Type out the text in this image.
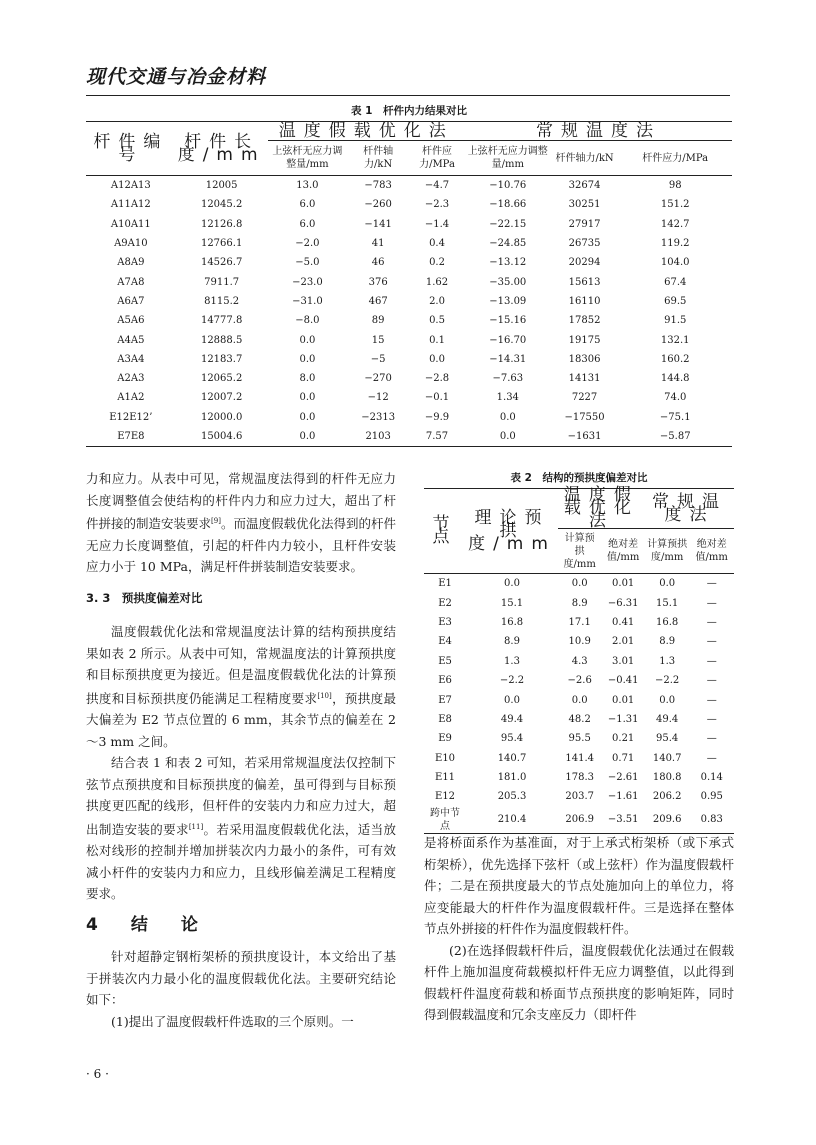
现代交通与冶金材料
表 1　杆件内力结果对比
杆件编号	杆件长度/mm	温度假载优化法			常规温度法		
		上弦杆无应力调整量/mm	杆件轴力/kN	杆件应力/MPa	上弦杆无应力调整量/mm	杆件轴力/kN	杆件应力/MPa
A12A13	12005	13.0	−783	−4.7	−10.76	32674	98
A11A12	12045.2	6.0	−260	−2.3	−18.66	30251	151.2
A10A11	12126.8	6.0	−141	−1.4	−22.15	27917	142.7
A9A10	12766.1	−2.0	41	0.4	−24.85	26735	119.2
A8A9	14526.7	−5.0	46	0.2	−13.12	20294	104.0
A7A8	7911.7	−23.0	376	1.62	−35.00	15613	67.4
A6A7	8115.2	−31.0	467	2.0	−13.09	16110	69.5
A5A6	14777.8	−8.0	89	0.5	−15.16	17852	91.5
A4A5	12888.5	0.0	15	0.1	−16.70	19175	132.1
A3A4	12183.7	0.0	−5	0.0	−14.31	18306	160.2
A2A3	12065.2	8.0	−270	−2.8	−7.63	14131	144.8
A1A2	12007.2	0.0	−12	−0.1	1.34	7227	74.0
E12E12’	12000.0	0.0	−2313	−9.9	0.0	−17550	−75.1
E7E8	15004.6	0.0	2103	7.57	0.0	−1631	−5.87

力和应力。从表中可见，常规温度法得到的杆件无应力长度调整值会使结构的杆件内力和应力过大，超出了杆件拼接的制造安装要求[9]。而温度假载优化法得到的杆件无应力长度调整值，引起的杆件内力较小，且杆件安装应力小于 10 MPa，满足杆件拼装制造安装要求。

3. 3　预拱度偏差对比

温度假载优化法和常规温度法计算的结构预拱度结果如表 2 所示。从表中可知，常规温度法的计算预拱度和目标预拱度更为接近。但是温度假载优化法的计算预拱度和目标预拱度仍能满足工程精度要求[10]，预拱度最大偏差为 E2 节点位置的 6 mm，其余节点的偏差在 2～3 mm 之间。

结合表 1 和表 2 可知，若采用常规温度法仅控制下弦节点预拱度和目标预拱度的偏差，虽可得到与目标预拱度更匹配的线形，但杆件的安装内力和应力过大，超出制造安装的要求[11]。若采用温度假载优化法，适当放松对线形的控制并增加拼装次内力最小的条件，可有效减小杆件的安装内力和应力，且线形偏差满足工程精度要求。

4　结　论

针对超静定钢桁架桥的预拱度设计，本文给出了基于拼装次内力最小化的温度假载优化法。主要研究结论如下：

(1)提出了温度假载杆件选取的三个原则。一

表 2　结构的预拱度偏差对比
节点	理论预拱度/mm	温度假载优化法		常规温度法	
		计算预拱度/mm	绝对差值/mm	计算预拱度/mm	绝对差值/mm
E1	0.0	0.0	0.01	0.0	—
E2	15.1	8.9	−6.31	15.1	—
E3	16.8	17.1	0.41	16.8	—
E4	8.9	10.9	2.01	8.9	—
E5	1.3	4.3	3.01	1.3	—
E6	−2.2	−2.6	−0.41	−2.2	—
E7	0.0	0.0	0.01	0.0	—
E8	49.4	48.2	−1.31	49.4	—
E9	95.4	95.5	0.21	95.4	—
E10	140.7	141.4	0.71	140.7	—
E11	181.0	178.3	−2.61	180.8	0.14
E12	205.3	203.7	−1.61	206.2	0.95
跨中节点	210.4	206.9	−3.51	209.6	0.83

是将桥面系作为基准面，对于上承式桁架桥（或下承式桁架桥），优先选择下弦杆（或上弦杆）作为温度假载杆件；二是在预拱度最大的节点处施加向上的单位力，将应变能最大的杆件作为温度假载杆件。三是选择在整体节点外拼接的杆件作为温度假载杆件。

(2)在选择假载杆件后，温度假载优化法通过在假载杆件上施加温度荷载模拟杆件无应力调整值，以此得到假载杆件温度荷载和桥面节点预拱度的影响矩阵，同时得到假载温度和冗余支座反力（即杆件

· 6 ·
